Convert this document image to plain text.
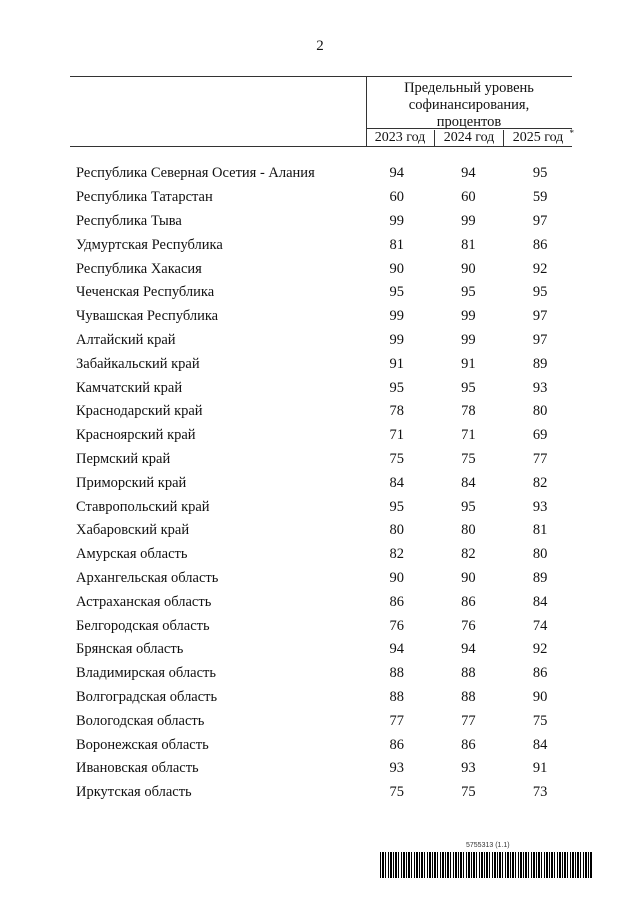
2
Предельный уровень
софинансирования,
процентов
2023 год	2024 год	2025 год *
Республика Северная Осетия - Алания	94	94	95
Республика Татарстан	60	60	59
Республика Тыва	99	99	97
Удмуртская Республика	81	81	86
Республика Хакасия	90	90	92
Чеченская Республика	95	95	95
Чувашская Республика	99	99	97
Алтайский край	99	99	97
Забайкальский край	91	91	89
Камчатский край	95	95	93
Краснодарский край	78	78	80
Красноярский край	71	71	69
Пермский край	75	75	77
Приморский край	84	84	82
Ставропольский край	95	95	93
Хабаровский край	80	80	81
Амурская область	82	82	80
Архангельская область	90	90	89
Астраханская область	86	86	84
Белгородская область	76	76	74
Брянская область	94	94	92
Владимирская область	88	88	86
Волгоградская область	88	88	90
Вологодская область	77	77	75
Воронежская область	86	86	84
Ивановская область	93	93	91
Иркутская область	75	75	73
5755313 (1.1)
